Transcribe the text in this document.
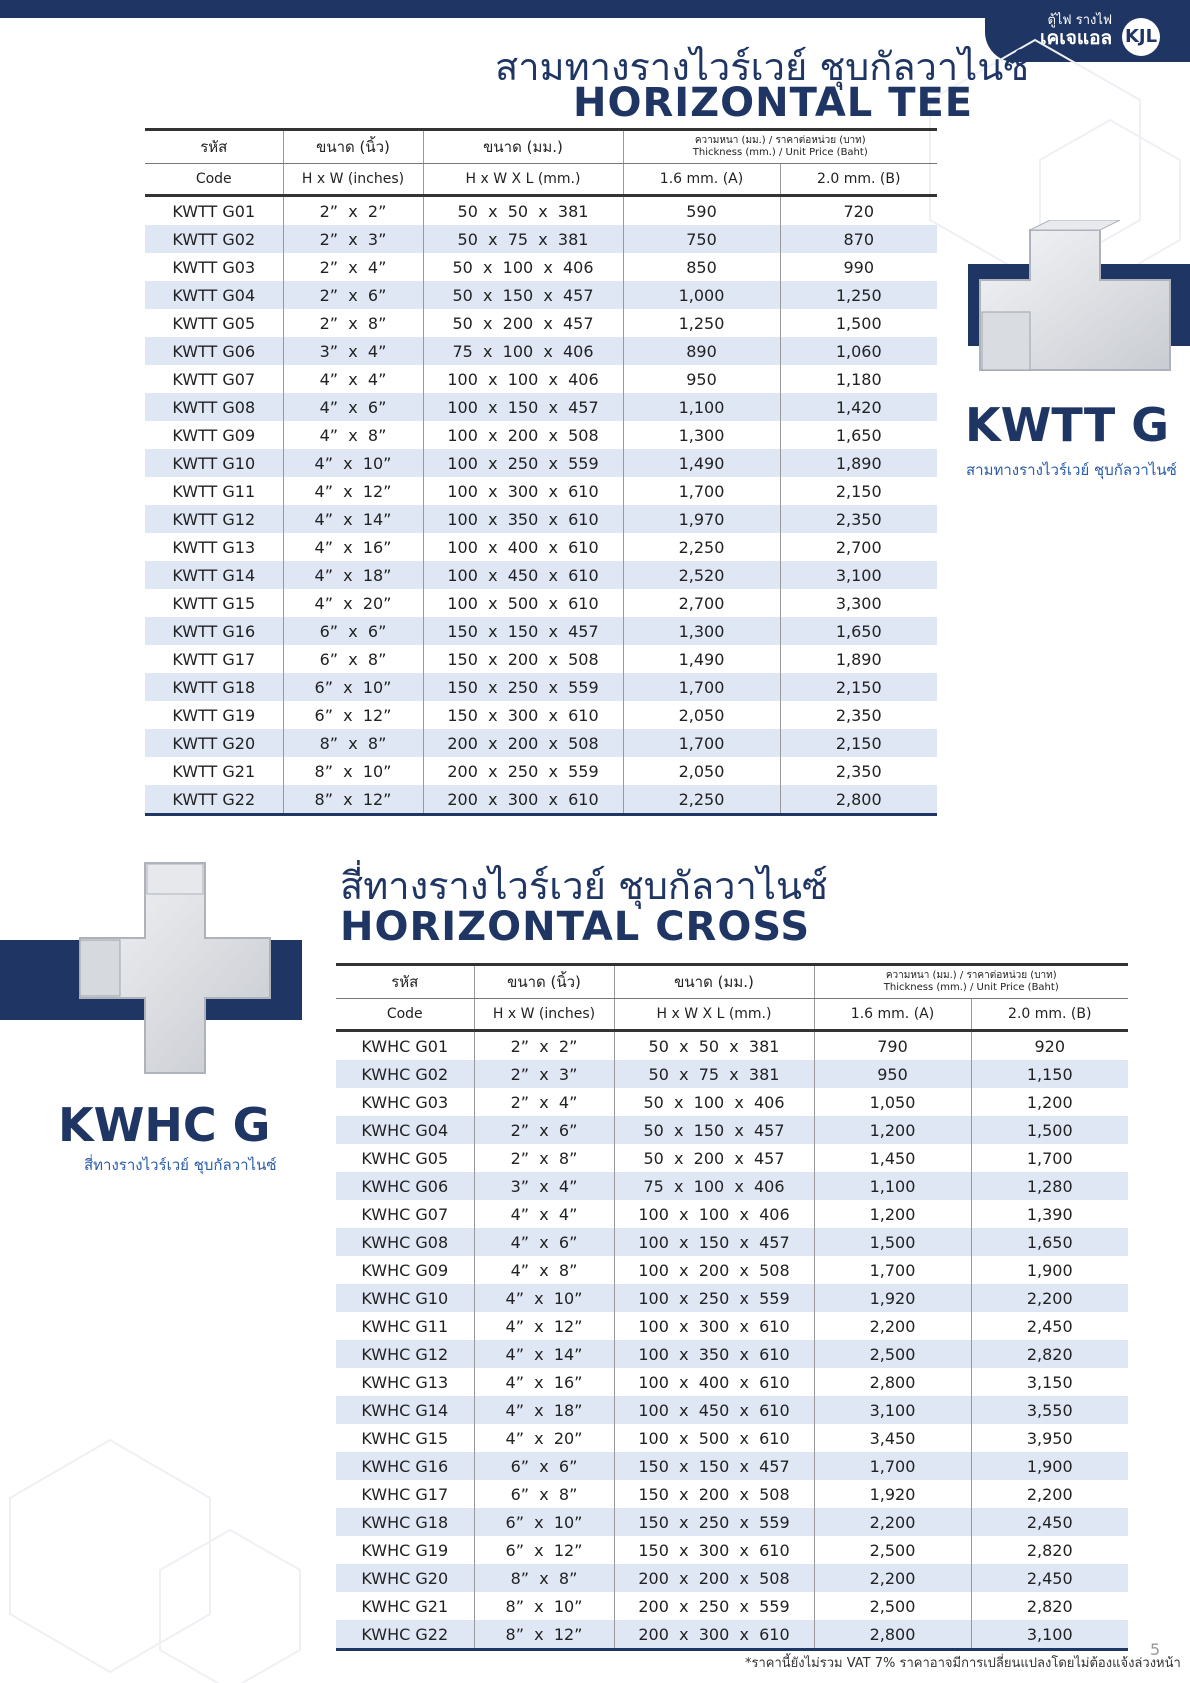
ตู้ไฟ รางไฟ
เคเจแอล KJL
สามทางรางไวร์เวย์ ชุบกัลวาไนซ์
HORIZONTAL TEE
KWTT G
สามทางรางไวร์เวย์ ชุบกัลวาไนซ์
รหัส	ขนาด (นิ้ว)	ขนาด (มม.)	ความหนา (มม.) / ราคาต่อหน่วย (บาท)
Thickness (mm.) / Unit Price (Baht)	

Code	H x W (inches)	H x W X L (mm.)	1.6 mm. (A)	2.0 mm. (B)
KWTT G01	2”  x  2”	50  x  50  x  381	590	720
KWTT G02	2”  x  3”	50  x  75  x  381	750	870
KWTT G03	2”  x  4”	50  x  100  x  406	850	990
KWTT G04	2”  x  6”	50  x  150  x  457	1,000	1,250
KWTT G05	2”  x  8”	50  x  200  x  457	1,250	1,500
KWTT G06	3”  x  4”	75  x  100  x  406	890	1,060
KWTT G07	4”  x  4”	100  x  100  x  406	950	1,180
KWTT G08	4”  x  6”	100  x  150  x  457	1,100	1,420
KWTT G09	4”  x  8”	100  x  200  x  508	1,300	1,650
KWTT G10	4”  x  10”	100  x  250  x  559	1,490	1,890
KWTT G11	4”  x  12”	100  x  300  x  610	1,700	2,150
KWTT G12	4”  x  14”	100  x  350  x  610	1,970	2,350
KWTT G13	4”  x  16”	100  x  400  x  610	2,250	2,700
KWTT G14	4”  x  18”	100  x  450  x  610	2,520	3,100
KWTT G15	4”  x  20”	100  x  500  x  610	2,700	3,300
KWTT G16	6”  x  6”	150  x  150  x  457	1,300	1,650
KWTT G17	6”  x  8”	150  x  200  x  508	1,490	1,890
KWTT G18	6”  x  10”	150  x  250  x  559	1,700	2,150
KWTT G19	6”  x  12”	150  x  300  x  610	2,050	2,350
KWTT G20	8”  x  8”	200  x  200  x  508	1,700	2,150
KWTT G21	8”  x  10”	200  x  250  x  559	2,050	2,350
KWTT G22	8”  x  12”	200  x  300  x  610	2,250	2,800
สี่ทางรางไวร์เวย์ ชุบกัลวาไนซ์
HORIZONTAL CROSS
KWHC G
สี่ทางรางไวร์เวย์ ชุบกัลวาไนซ์
รหัส	ขนาด (นิ้ว)	ขนาด (มม.)	ความหนา (มม.) / ราคาต่อหน่วย (บาท)
Thickness (mm.) / Unit Price (Baht)	

Code	H x W (inches)	H x W X L (mm.)	1.6 mm. (A)	2.0 mm. (B)
KWHC G01	2”  x  2”	50  x  50  x  381	790	920
KWHC G02	2”  x  3”	50  x  75  x  381	950	1,150
KWHC G03	2”  x  4”	50  x  100  x  406	1,050	1,200
KWHC G04	2”  x  6”	50  x  150  x  457	1,200	1,500
KWHC G05	2”  x  8”	50  x  200  x  457	1,450	1,700
KWHC G06	3”  x  4”	75  x  100  x  406	1,100	1,280
KWHC G07	4”  x  4”	100  x  100  x  406	1,200	1,390
KWHC G08	4”  x  6”	100  x  150  x  457	1,500	1,650
KWHC G09	4”  x  8”	100  x  200  x  508	1,700	1,900
KWHC G10	4”  x  10”	100  x  250  x  559	1,920	2,200
KWHC G11	4”  x  12”	100  x  300  x  610	2,200	2,450
KWHC G12	4”  x  14”	100  x  350  x  610	2,500	2,820
KWHC G13	4”  x  16”	100  x  400  x  610	2,800	3,150
KWHC G14	4”  x  18”	100  x  450  x  610	3,100	3,550
KWHC G15	4”  x  20”	100  x  500  x  610	3,450	3,950
KWHC G16	6”  x  6”	150  x  150  x  457	1,700	1,900
KWHC G17	6”  x  8”	150  x  200  x  508	1,920	2,200
KWHC G18	6”  x  10”	150  x  250  x  559	2,200	2,450
KWHC G19	6”  x  12”	150  x  300  x  610	2,500	2,820
KWHC G20	8”  x  8”	200  x  200  x  508	2,200	2,450
KWHC G21	8”  x  10”	200  x  250  x  559	2,500	2,820
KWHC G22	8”  x  12”	200  x  300  x  610	2,800	3,100
*ราคานี้ยังไม่รวม VAT 7% ราคาอาจมีการเปลี่ยนแปลงโดยไม่ต้องแจ้งล่วงหน้า
5
